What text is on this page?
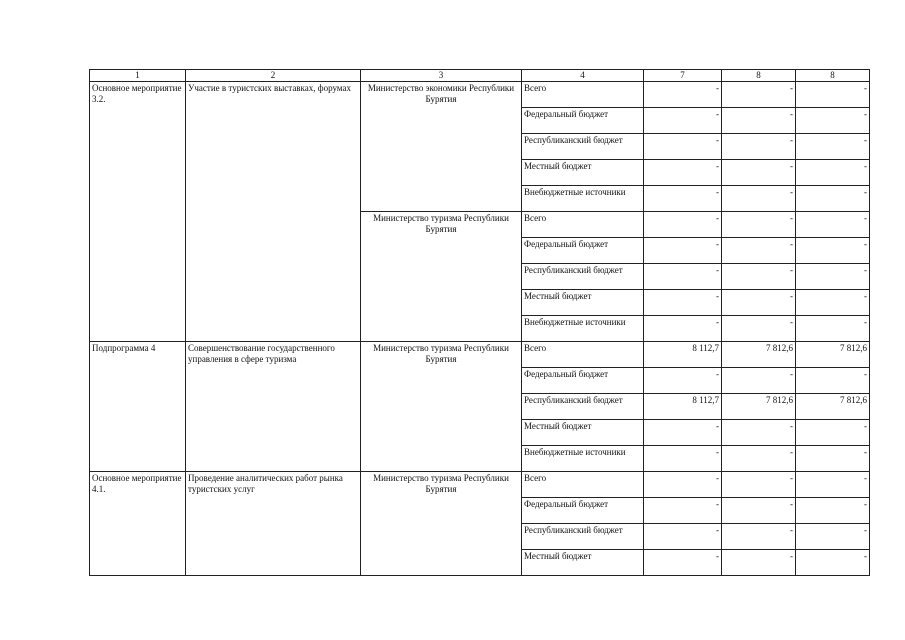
1	2	3	4	7	8	8
Основное мероприятие 3.2.	Участие в туристских выставках, форумах	Министерство экономики Республики Бурятия	Всего	-	-	-
			Федеральный бюджет	-	-	-
			Республиканский бюджет	-	-	-
			Местный бюджет	-	-	-
			Внебюджетные источники	-	-	-
		Министерство туризма Республики Бурятия	Всего	-	-	-
			Федеральный бюджет	-	-	-
			Республиканский бюджет	-	-	-
			Местный бюджет	-	-	-
			Внебюджетные источники	-	-	-
Подпрограмма 4	Совершенствование государственного управления в сфере туризма	Министерство туризма Республики Бурятия	Всего	8 112,7	7 812,6	7 812,6
			Федеральный бюджет	-	-	-
			Республиканский бюджет	8 112,7	7 812,6	7 812,6
			Местный бюджет	-	-	-
			Внебюджетные источники	-	-	-
Основное мероприятие 4.1.	Проведение аналитических работ рынка туристских услуг	Министерство туризма Республики Бурятия	Всего	-	-	-
			Федеральный бюджет	-	-	-
			Республиканский бюджет	-	-	-
			Местный бюджет	-	-	-
